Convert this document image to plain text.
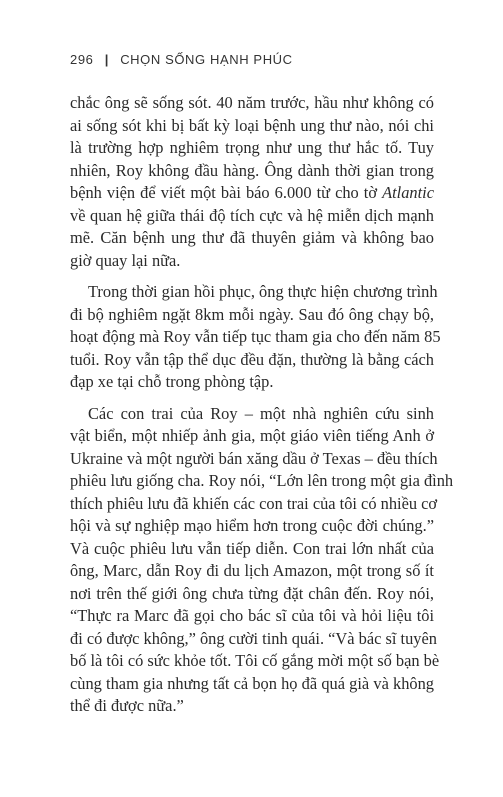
296 | CHỌN SỐNG HẠNH PHÚC
chắc ông sẽ sống sót. 40 năm trước, hầu như không có
ai sống sót khi bị bất kỳ loại bệnh ung thư nào, nói chi
là trường hợp nghiêm trọng như ung thư hắc tố. Tuy
nhiên, Roy không đầu hàng. Ông dành thời gian trong
bệnh viện để viết một bài báo 6.000 từ cho tờ Atlantic
về quan hệ giữa thái độ tích cực và hệ miễn dịch mạnh
mẽ. Căn bệnh ung thư đã thuyên giảm và không bao
giờ quay lại nữa.
Trong thời gian hồi phục, ông thực hiện chương trình
đi bộ nghiêm ngặt 8km mỗi ngày. Sau đó ông chạy bộ,
hoạt động mà Roy vẫn tiếp tục tham gia cho đến năm 85
tuổi. Roy vẫn tập thể dục đều đặn, thường là bằng cách
đạp xe tại chỗ trong phòng tập.
Các con trai của Roy – một nhà nghiên cứu sinh
vật biển, một nhiếp ảnh gia, một giáo viên tiếng Anh ở
Ukraine và một người bán xăng dầu ở Texas – đều thích
phiêu lưu giống cha. Roy nói, “Lớn lên trong một gia đình
thích phiêu lưu đã khiến các con trai của tôi có nhiều cơ
hội và sự nghiệp mạo hiểm hơn trong cuộc đời chúng.”
Và cuộc phiêu lưu vẫn tiếp diễn. Con trai lớn nhất của
ông, Marc, dẫn Roy đi du lịch Amazon, một trong số ít
nơi trên thế giới ông chưa từng đặt chân đến. Roy nói,
“Thực ra Marc đã gọi cho bác sĩ của tôi và hỏi liệu tôi
đi có được không,” ông cười tinh quái. “Và bác sĩ tuyên
bố là tôi có sức khỏe tốt. Tôi cố gắng mời một số bạn bè
cùng tham gia nhưng tất cả bọn họ đã quá già và không
thể đi được nữa.”
